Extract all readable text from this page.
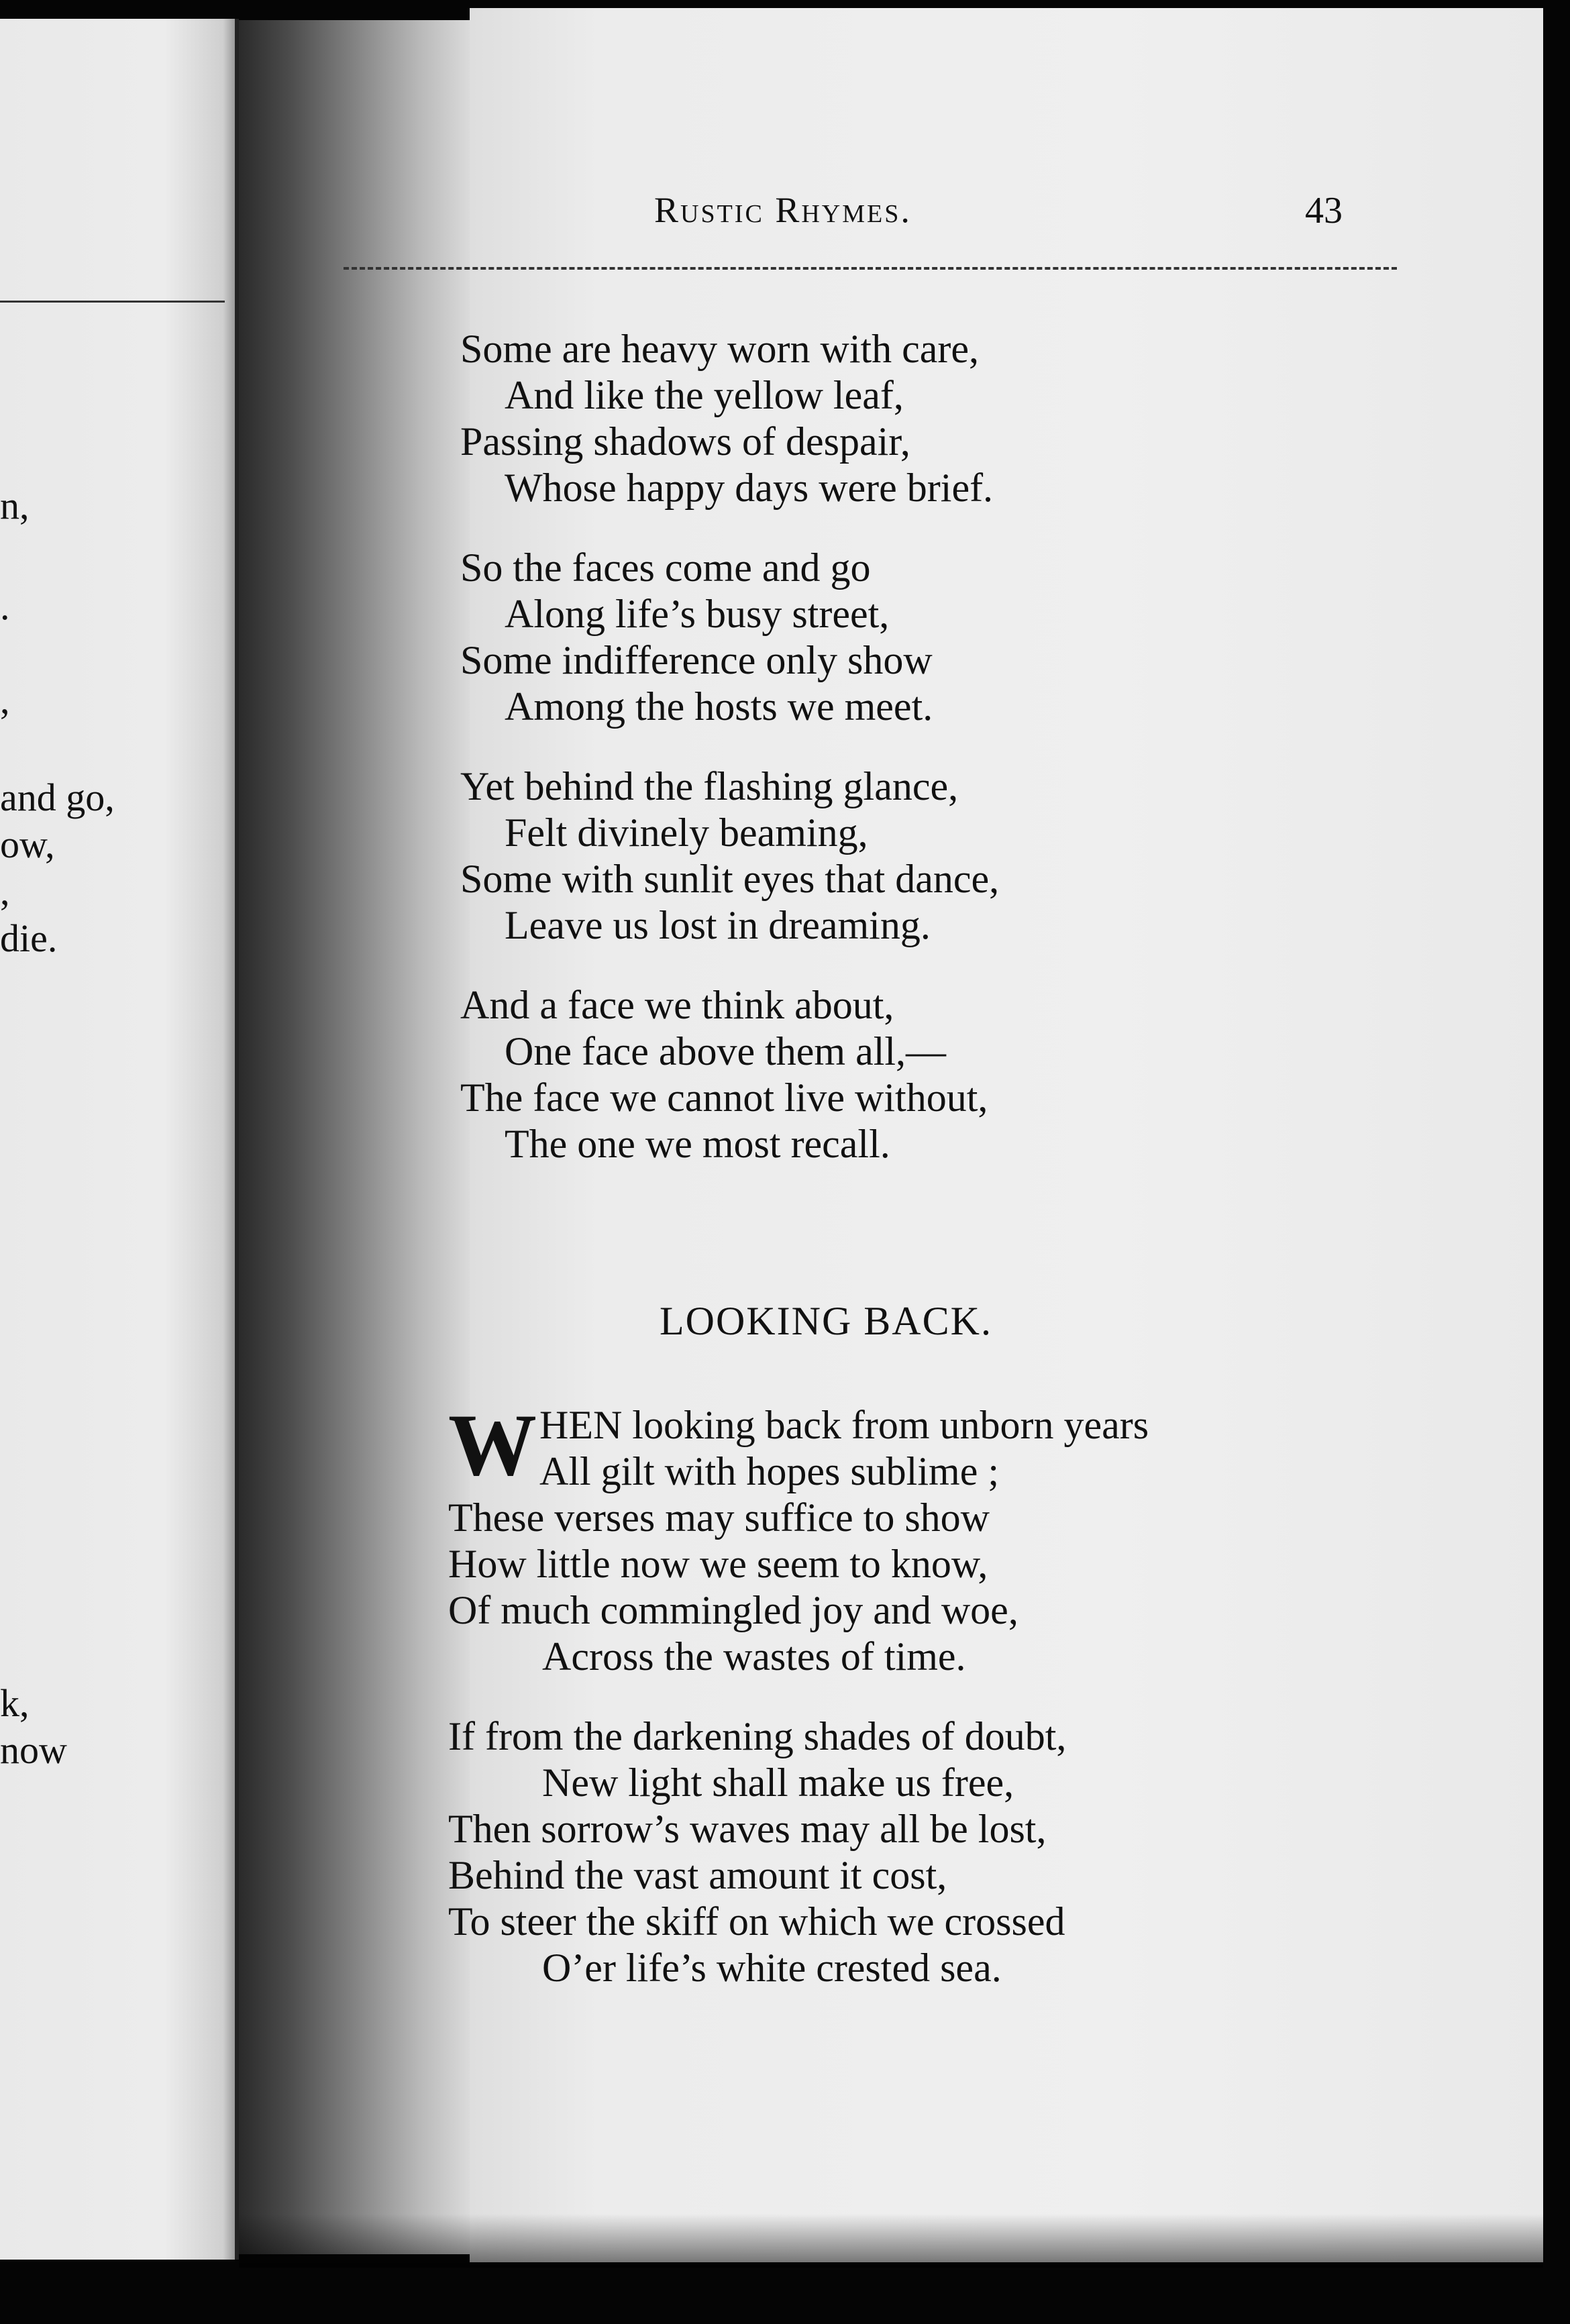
n,
.
,
and go,
ow,
,
die.
k,
now
Rustic Rhymes.	43
Some are heavy worn with care,
And like the yellow leaf,
Passing shadows of despair,
Whose happy days were brief.
So the faces come and go
Along life’s busy street,
Some indifference only show
Among the hosts we meet.
Yet behind the flashing glance,
Felt divinely beaming,
Some with sunlit eyes that dance,
Leave us lost in dreaming.
And a face we think about,
One face above them all,—
The face we cannot live without,
The one we most recall.
LOOKING BACK.
W HEN looking back from unborn years
All gilt with hopes sublime ;
These verses may suffice to show
How little now we seem to know,
Of much commingled joy and woe,
Across the wastes of time.
If from the darkening shades of doubt,
New light shall make us free,
Then sorrow’s waves may all be lost,
Behind the vast amount it cost,
To steer the skiff on which we crossed
O’er life’s white crested sea.
